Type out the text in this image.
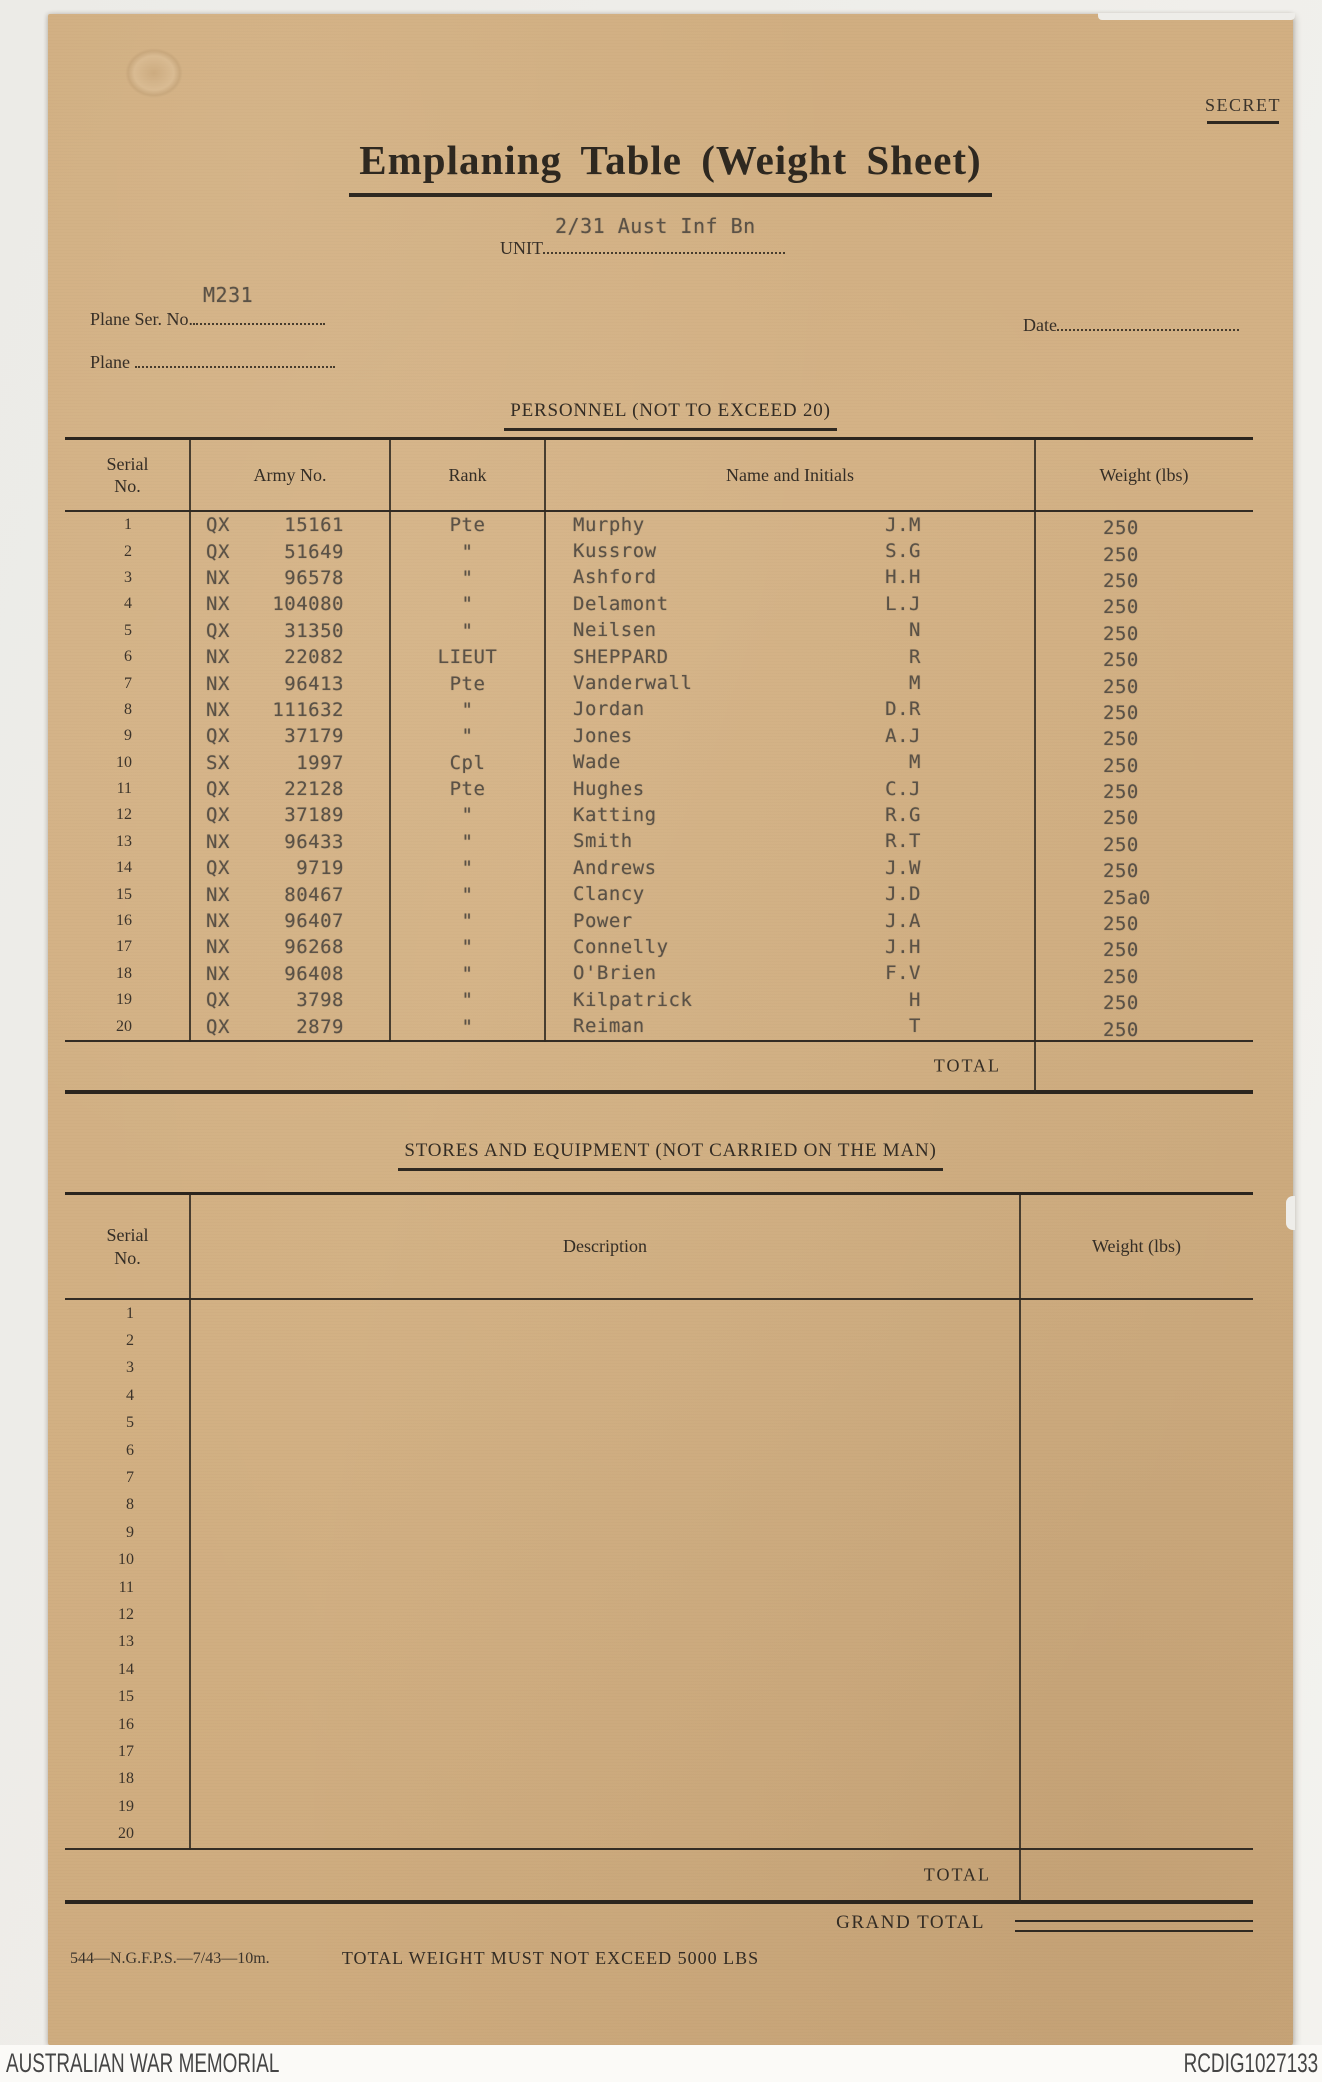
SECRET
Emplaning Table (Weight Sheet)
UNIT
2/31 Aust Inf Bn
Plane Ser. No.
M231
Date
Plane
PERSONNEL (NOT TO EXCEED 20)
Serial No.
Army No.	Rank	Name and Initials	Weight (lbs)
1	QX	15161	Pte	Murphy	J.M	250
2	QX	51649	"	Kussrow	S.G	250
3	NX	96578	"	Ashford	H.H	250
4	NX 104080	"	Delamont	L.J	250
5	QX	31350	"	Neilsen	N	250
6	NX	22082	LIEUT	SHEPPARD	R	250
7	NX	96413	Pte	Vanderwall	M	250
8	NX 111632	"	Jordan	D.R	250
9	QX	37179	"	Jones	A.J	250
10	SX	1997	Cpl	Wade	M	250
11	QX	22128	Pte	Hughes	C.J	250
12	QX	37189	"	Katting	R.G	250
13	NX	96433	"	Smith	R.T	250
14	QX	9719	"	Andrews	J.W	250
15	NX	80467	"	Clancy	J.D	25a0
16	NX	96407	"	Power	J.A	250
17	NX	96268	"	Connelly	J.H	250
18	NX	96408	"	O'Brien	F.V	250
19	QX	3798	"	Kilpatrick	H	250
20	QX	2879	"	Reiman	T	250
TOTAL
STORES AND EQUIPMENT (NOT CARRIED ON THE MAN)
Serial No.
Description	Weight (lbs)
1
2
3
4
5
6
7
8
9
10
11
12
13
14
15
16
17
18
19
20
TOTAL
GRAND TOTAL
544—N.G.F.P.S.—7/43—10m.	TOTAL WEIGHT MUST NOT EXCEED 5000 LBS
AUSTRALIAN WAR MEMORIAL	RCDIG1027133
